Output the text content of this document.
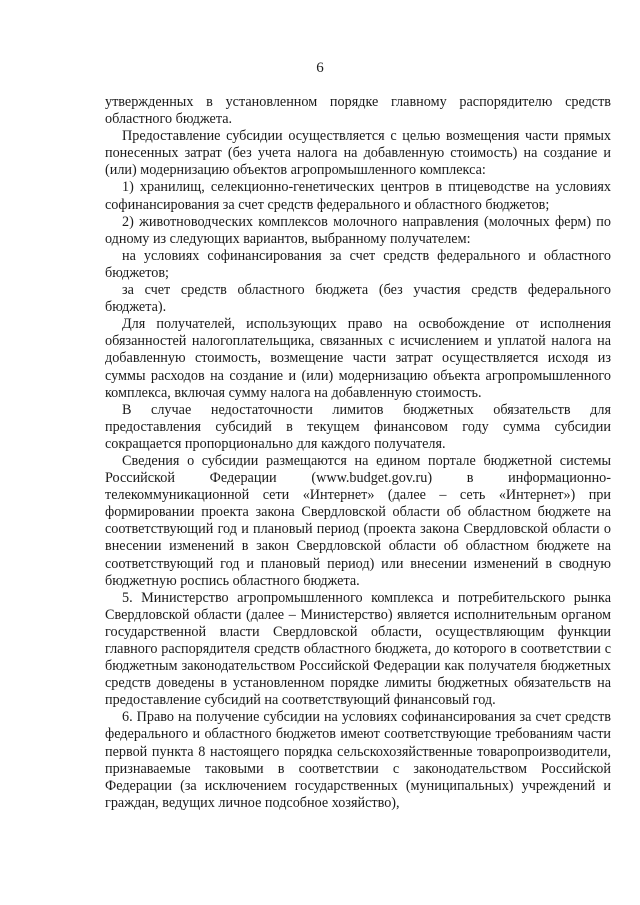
6

утвержденных в установленном порядке главному распорядителю средств областного бюджета.

Предоставление субсидии осуществляется с целью возмещения части прямых понесенных затрат (без учета налога на добавленную стоимость) на создание и (или) модернизацию объектов агропромышленного комплекса:

1) хранилищ, селекционно-генетических центров в птицеводстве на условиях софинансирования за счет средств федерального и областного бюджетов;

2) животноводческих комплексов молочного направления (молочных ферм) по одному из следующих вариантов, выбранному получателем:

на условиях софинансирования за счет средств федерального и областного бюджетов;

за счет средств областного бюджета (без участия средств федерального бюджета).

Для получателей, использующих право на освобождение от исполнения обязанностей налогоплательщика, связанных с исчислением и уплатой налога на добавленную стоимость, возмещение части затрат осуществляется исходя из суммы расходов на создание и (или) модернизацию объекта агропромышленного комплекса, включая сумму налога на добавленную стоимость.

В случае недостаточности лимитов бюджетных обязательств для предоставления субсидий в текущем финансовом году сумма субсидии сокращается пропорционально для каждого получателя.

Сведения о субсидии размещаются на едином портале бюджетной системы Российской Федерации (www.budget.gov.ru) в информационно-телекоммуникационной сети «Интернет» (далее – сеть «Интернет») при формировании проекта закона Свердловской области об областном бюджете на соответствующий год и плановый период (проекта закона Свердловской области о внесении изменений в закон Свердловской области об областном бюджете на соответствующий год и плановый период) или внесении изменений в сводную бюджетную роспись областного бюджета.

5. Министерство агропромышленного комплекса и потребительского рынка Свердловской области (далее – Министерство) является исполнительным органом государственной власти Свердловской области, осуществляющим функции главного распорядителя средств областного бюджета, до которого в соответствии с бюджетным законодательством Российской Федерации как получателя бюджетных средств доведены в установленном порядке лимиты бюджетных обязательств на предоставление субсидий на соответствующий финансовый год.

6. Право на получение субсидии на условиях софинансирования за счет средств федерального и областного бюджетов имеют соответствующие требованиям части первой пункта 8 настоящего порядка сельскохозяйственные товаропроизводители, признаваемые таковыми в соответствии с законодательством Российской Федерации (за исключением государственных (муниципальных) учреждений и граждан, ведущих личное подсобное хозяйство),
